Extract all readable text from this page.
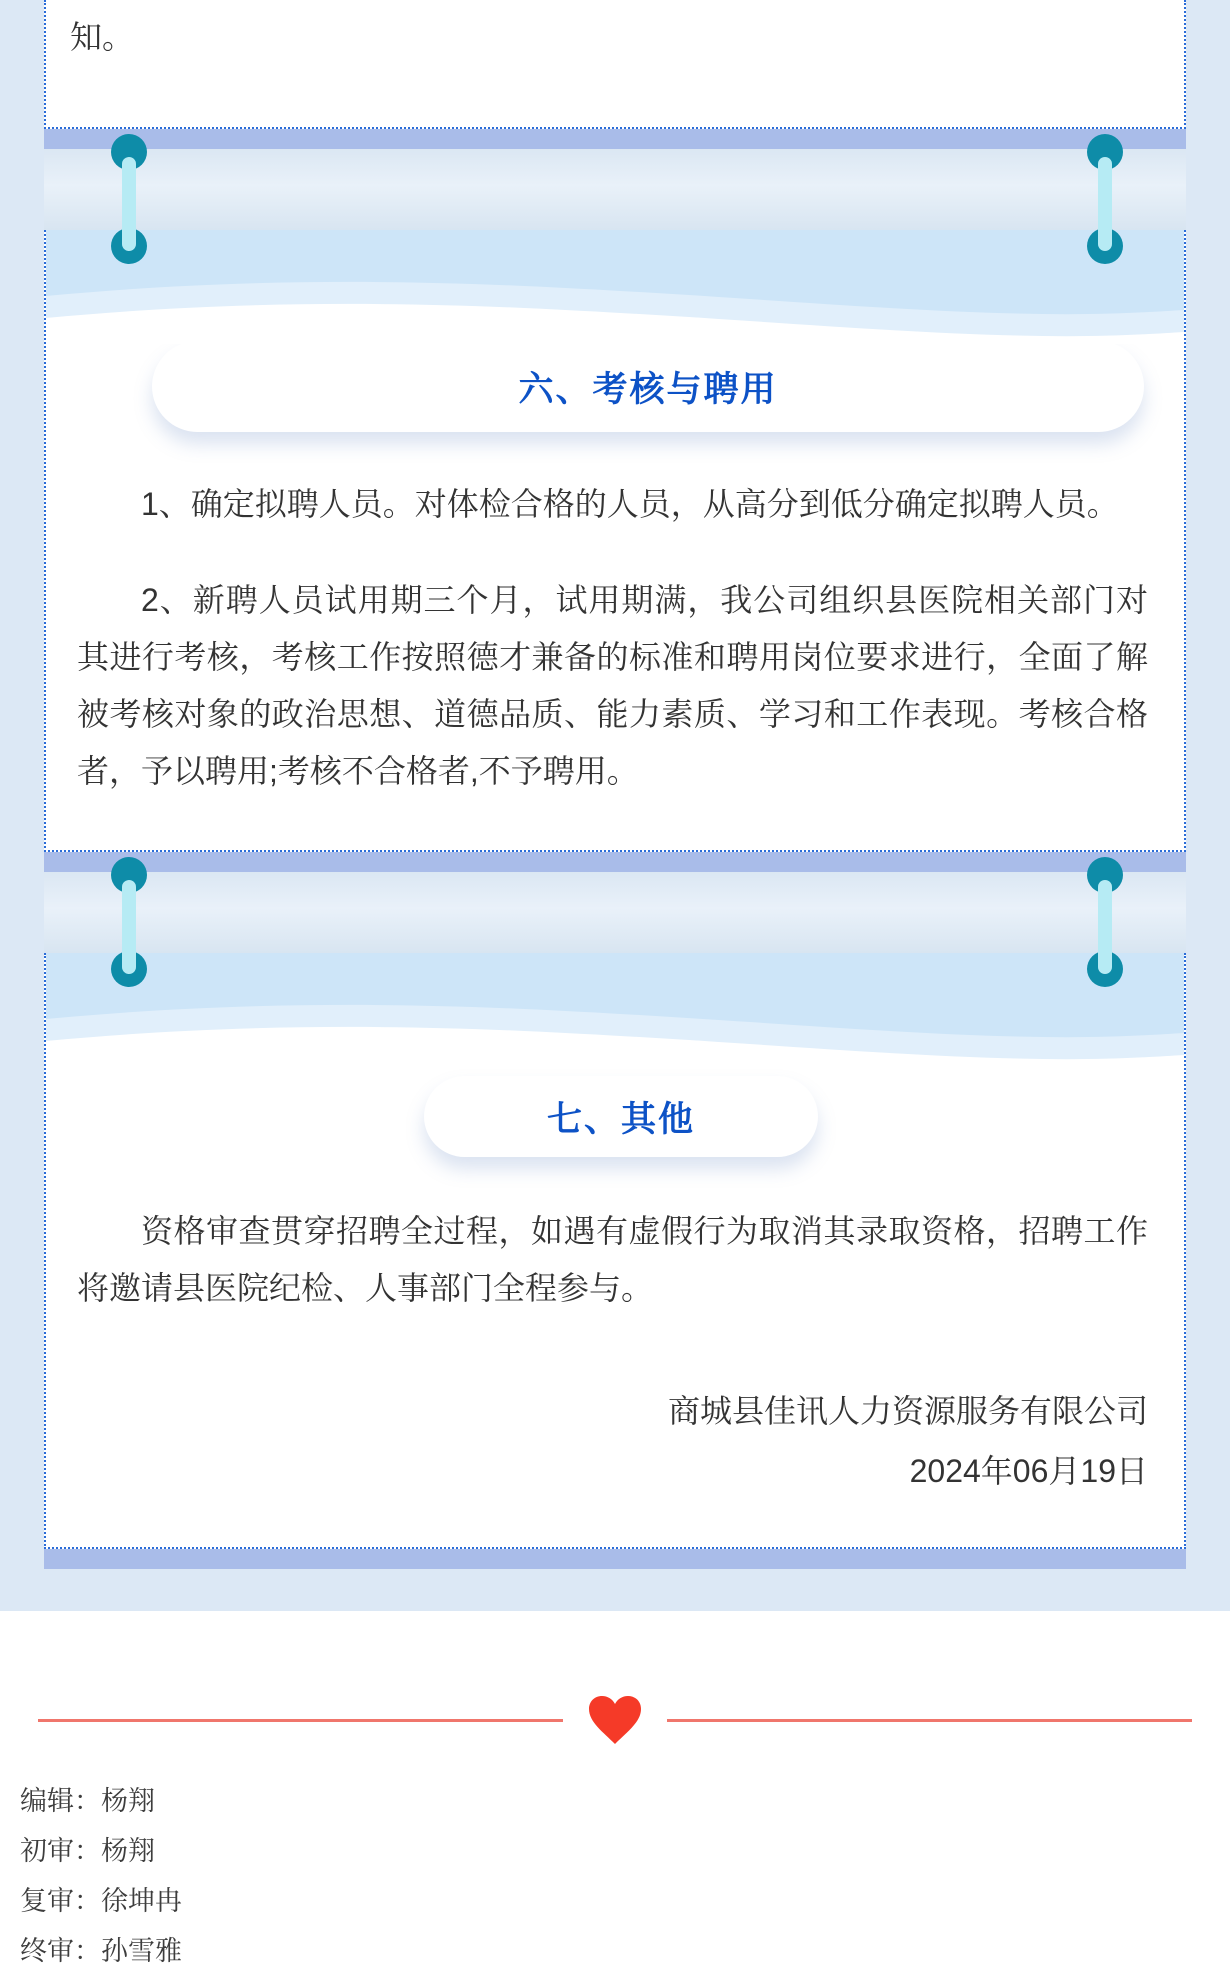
知。
六、考核与聘用

1、确定拟聘人员。对体检合格的人员，从高分到低分确定拟聘人员。

2、新聘人员试用期三个月，试用期满，我公司组织县医院相关部门对其进行考核，考核工作按照德才兼备的标准和聘用岗位要求进行，全面了解被考核对象的政治思想、道德品质、能力素质、学习和工作表现。考核合格者，予以聘用;考核不合格者,不予聘用。

七、其他

资格审查贯穿招聘全过程，如遇有虚假行为取消其录取资格，招聘工作将邀请县医院纪检、人事部门全程参与。

商城县佳讯人力资源服务有限公司
2024年06月19日
编辑：杨翔
初审：杨翔
复审：徐坤冉
终审：孙雪雅
